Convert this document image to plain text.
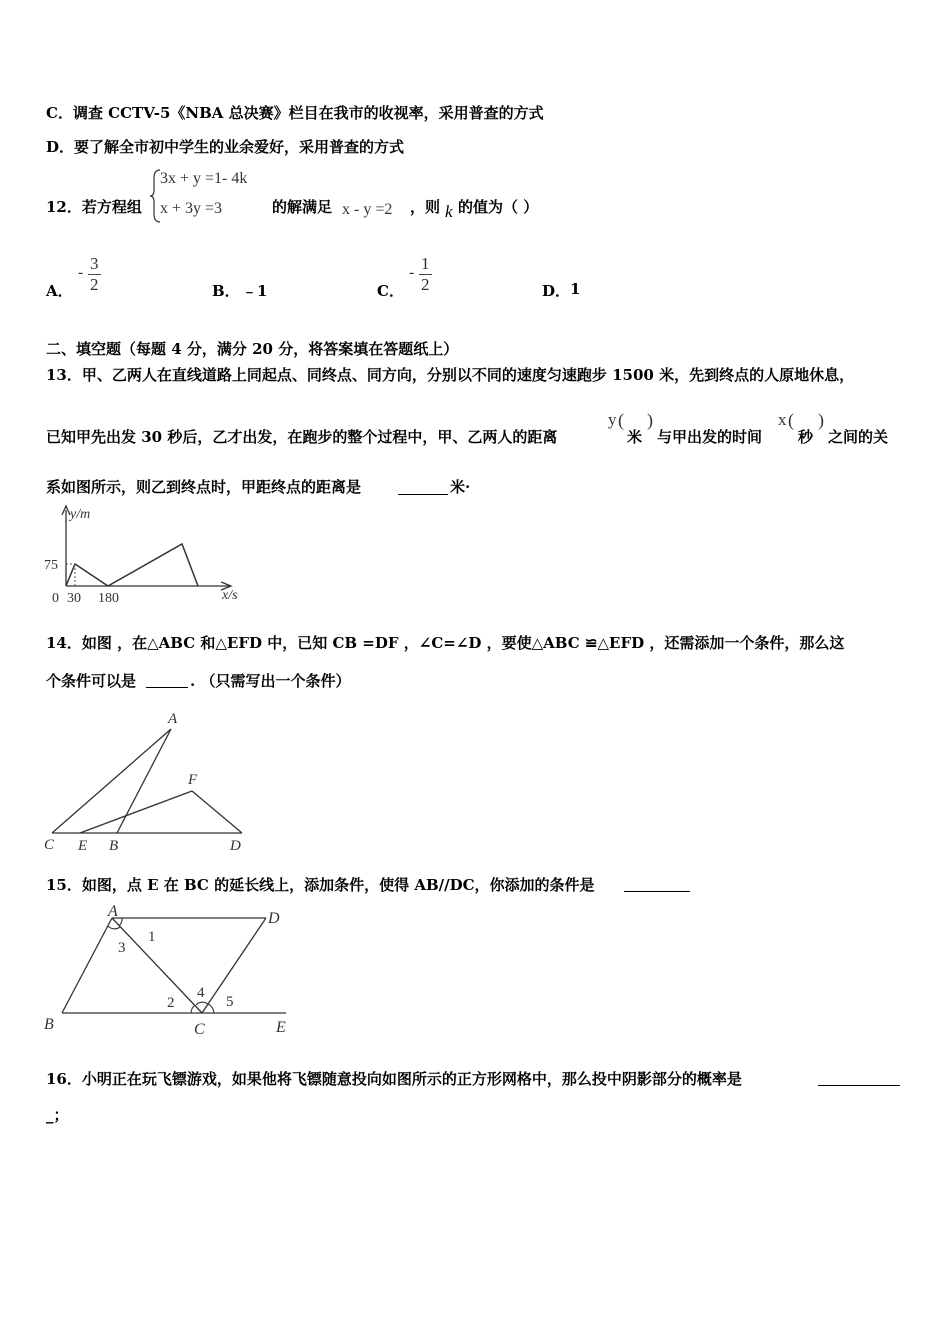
C．调查 CCTV-5《NBA 总决赛》栏目在我市的收视率，采用普查的方式
D．要了解全市初中学生的业余爱好，采用普查的方式
12．若方程组
3x + y =1- 4k
x + 3y =3	的解满足 x - y =2 ，则 k 的值为（ ）
A．
- $\frac{3}{2}$	B． ﹣1	C．
- $\frac{1}{2}$	D． 1
二、填空题（每题 4 分，满分 20 分，将答案填在答题纸上）
13．甲、乙两人在直线道路上同起点、同终点、同方向，分别以不同的速度匀速跑步 1500 米，先到终点的人原地休息，
已知甲先出发 30 秒后，乙才出发，在跑步的整个过程中，甲、乙两人的距离
y (
米
)
与甲出发的时间
x (
秒
)
之间的关
系如图所示，则乙到终点时，甲距终点的距离是	米·
y/m
x/s
75
0 30 180
14．如图 ，在△ABC 和△EFD 中，已知 CB =DF ，∠C=∠D ，要使△ABC ≌△EFD ，还需添加一个条件，那么这
个条件可以是	. （只需写出一个条件）
A
F
C E B	D
15．如图，点 E 在 BC 的延长线上，添加条件，使得 AB//DC，你添加的条件是
A	D
B	C	E
1
3
2
4
5
16．小明正在玩飞镖游戏，如果他将飞镖随意投向如图所示的正方形网格中，那么投中阴影部分的概率是
_；
